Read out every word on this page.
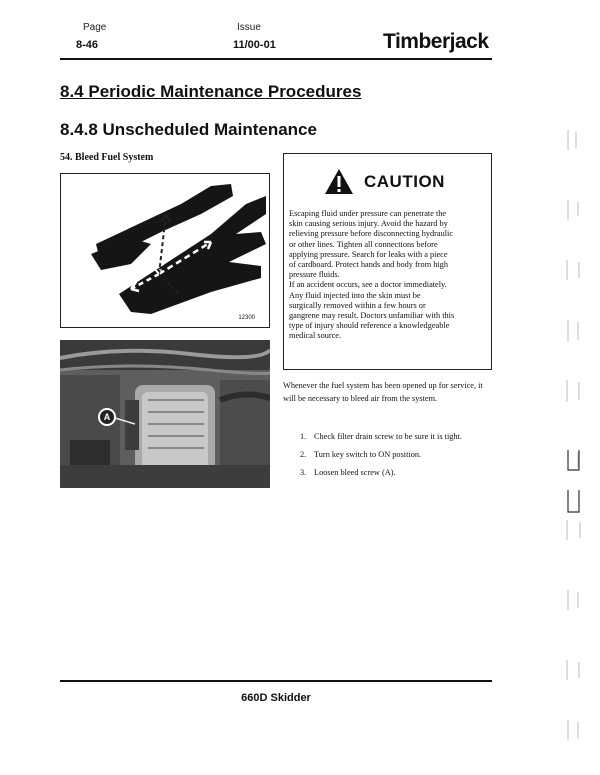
Page
8-46
Issue
11/00-01	Timberjack
8.4 Periodic Maintenance Procedures
8.4.8 Unscheduled Maintenance
54. Bleed Fuel System
12300
A
CAUTION
Escaping fluid under pressure can penetrate the
skin causing serious injury. Avoid the hazard by
relieving pressure before disconnecting hydraulic
or other lines. Tighten all connections before
applying pressure. Search for leaks with a piece
of cardboard. Protect hands and body from high
pressure fluids.
If an accident occurs, see a doctor immediately.
Any fluid injected into the skin must be
surgically removed within a few hours or
gangrene may result. Doctors unfamiliar with this
type of injury should reference a knowledgeable
medical source.
Whenever the fuel system has been opened up for service, it will be necessary to bleed air from the system.
1. Check filter drain screw to be sure it is tight.
2. Turn key switch to ON position.
3. Loosen bleed screw (A).
660D Skidder
